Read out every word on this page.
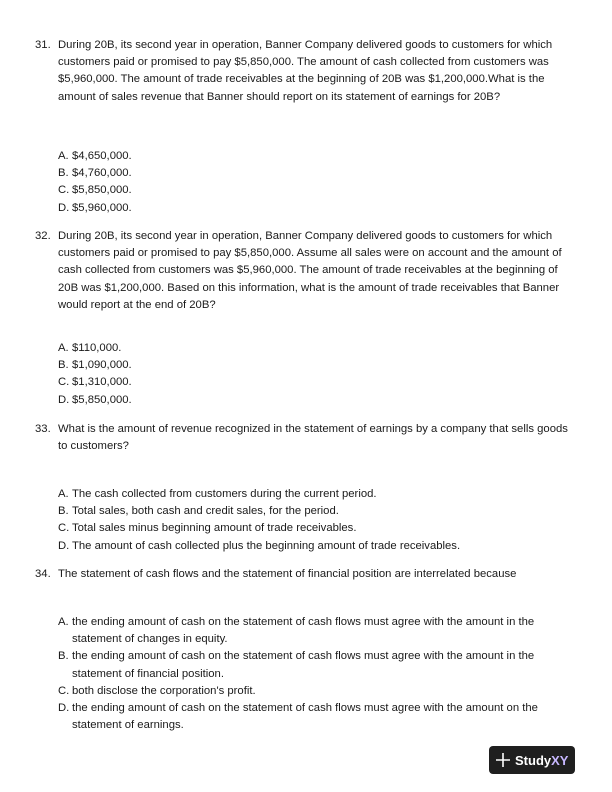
31. During 20B, its second year in operation, Banner Company delivered goods to customers for which customers paid or promised to pay $5,850,000. The amount of cash collected from customers was $5,960,000. The amount of trade receivables at the beginning of 20B was $1,200,000.What is the amount of sales revenue that Banner should report on its statement of earnings for 20B?
A. $4,650,000.
B. $4,760,000.
C. $5,850,000.
D. $5,960,000.
32. During 20B, its second year in operation, Banner Company delivered goods to customers for which customers paid or promised to pay $5,850,000. Assume all sales were on account and the amount of cash collected from customers was $5,960,000. The amount of trade receivables at the beginning of 20B was $1,200,000. Based on this information, what is the amount of trade receivables that Banner would report at the end of 20B?
A. $110,000.
B. $1,090,000.
C. $1,310,000.
D. $5,850,000.
33. What is the amount of revenue recognized in the statement of earnings by a company that sells goods to customers?
A. The cash collected from customers during the current period.
B. Total sales, both cash and credit sales, for the period.
C. Total sales minus beginning amount of trade receivables.
D. The amount of cash collected plus the beginning amount of trade receivables.
34. The statement of cash flows and the statement of financial position are interrelated because
A. the ending amount of cash on the statement of cash flows must agree with the amount in the statement of changes in equity.
B. the ending amount of cash on the statement of cash flows must agree with the amount in the statement of financial position.
C. both disclose the corporation's profit.
D. the ending amount of cash on the statement of cash flows must agree with the amount on the statement of earnings.
Study XY
